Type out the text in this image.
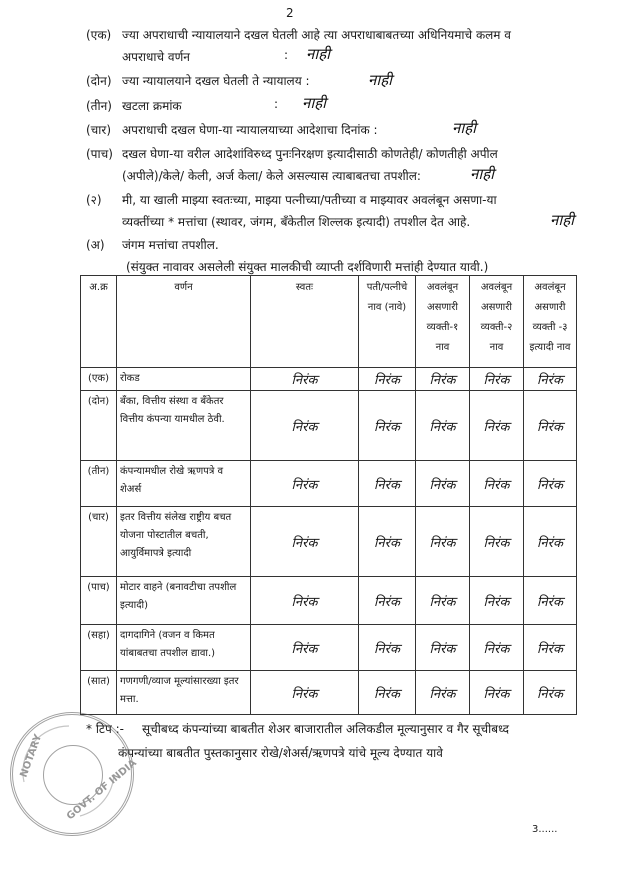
2
(एक) ज्या अपराधाची न्यायालयाने दखल घेतली आहे त्या अपराधाबाबतच्या अधिनियमाचे कलम व
अपराधाचे वर्णन	: नाही
(दोन) ज्या न्यायालयाने दखल घेतली ते न्यायालय :	नाही
(तीन) खटला क्रमांक	: नाही
(चार) अपराधाची दखल घेणा-या न्यायालयाच्या आदेशाचा दिनांक :	नाही
(पाच) दखल घेणा-या वरील आदेशांविरुध्द पुनःनिरक्षण इत्यादीसाठी कोणतेही/ कोणतीही अपील
(अपीले)/केले/ केली, अर्ज केला/ केले असल्यास त्याबाबतचा तपशील:	नाही
(२) मी, या खाली माझ्या स्वतःच्या, माझ्या पत्नीच्या/पतीच्या व माझ्यावर अवलंबून असणा-या
व्यक्तींच्या * मत्तांचा (स्थावर, जंगम, बँकेतील शिल्लक इत्यादी) तपशील देत आहे.	नाही
(अ) जंगम मत्तांचा तपशील.
(संयुक्त नावावर असलेली संयुक्त मालकीची व्याप्ती दर्शविणारी मत्तांही देण्यात यावी.)
अ.क्र	वर्णन	स्वतः	पती/पत्नीचे नाव (नावे)	अवलंबून असणारी व्यक्ती-१ नाव	अवलंबून असणारी व्यक्ती-२ नाव	अवलंबून असणारी व्यक्ती -३ इत्यादी नाव
(एक)	रोकड	निरंक	निरंक	निरंक	निरंक	निरंक
(दोन)	बँका, वित्तीय संस्था व बँकेतर वित्तीय कंपन्या यामधील ठेवी.	निरंक	निरंक	निरंक	निरंक	निरंक
(तीन)	कंपन्यामधील रोखे ऋणपत्रे व शेअर्स	निरंक	निरंक	निरंक	निरंक	निरंक
(चार)	इतर वित्तीय संलेख राष्ट्रीय बचत योजना पोस्टातील बचती, आयुर्विमापत्रे इत्यादी	निरंक	निरंक	निरंक	निरंक	निरंक
(पाच)	मोटार वाहने (बनावटीचा तपशील इत्यादी)	निरंक	निरंक	निरंक	निरंक	निरंक
(सहा)	दागदागिने (वजन व किमत यांबाबतचा तपशील द्यावा.)	निरंक	निरंक	निरंक	निरंक	निरंक
(सात)	गणगणी/व्याज मूल्यांसारख्या इतर मत्ता.	निरंक	निरंक	निरंक	निरंक	निरंक
* टिप :- सूचीबध्द कंपन्यांच्या बाबतीत शेअर बाजारातील अलिकडील मूल्यानुसार व गैर सूचीबध्द
कंपन्यांच्या बाबतीत पुस्तकानुसार रोखे/शेअर्स/ऋणपत्रे यांचे मूल्य देण्यात यावे
NOTARY
GOVT. OF INDIA
3......
